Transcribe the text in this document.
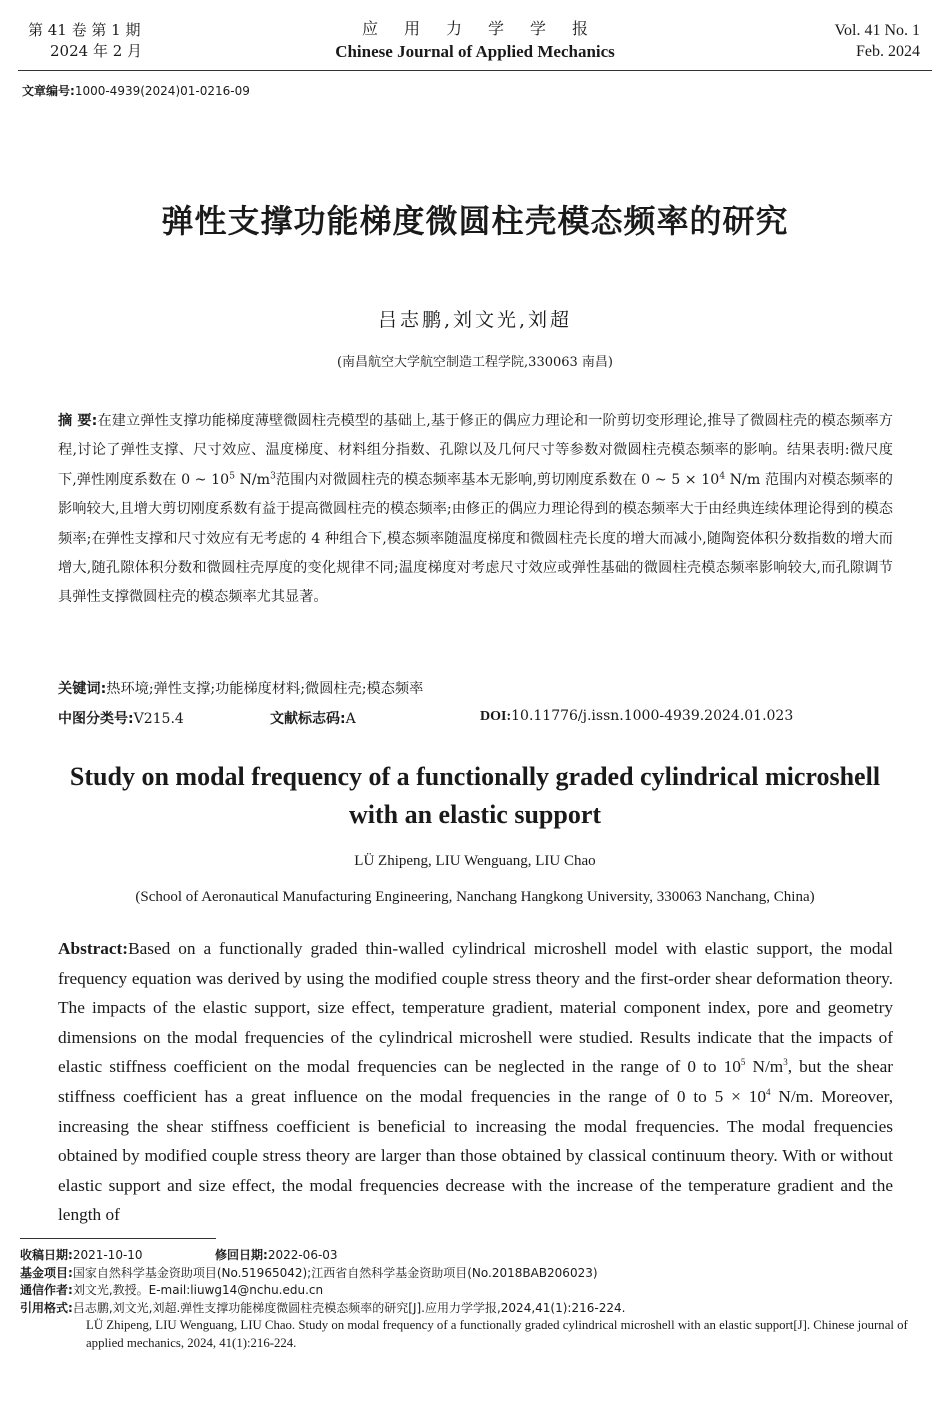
第 41 卷 第 1 期
2024 年 2 月
应用力学学报
Chinese Journal of Applied Mechanics
Vol. 41 No. 1
Feb. 2024
文章编号:1000-4939(2024)01-0216-09
弹性支撑功能梯度微圆柱壳模态频率的研究
吕志鹏,刘文光,刘超
(南昌航空大学航空制造工程学院,330063 南昌)
摘 要:在建立弹性支撑功能梯度薄壁微圆柱壳模型的基础上,基于修正的偶应力理论和一阶剪切变形理论,推导了微圆柱壳的模态频率方程,讨论了弹性支撑、尺寸效应、温度梯度、材料组分指数、孔隙以及几何尺寸等参数对微圆柱壳模态频率的影响。结果表明:微尺度下,弹性刚度系数在 0 ~ $10^5$ $N/m^3$范围内对微圆柱壳的模态频率基本无影响,剪切刚度系数在 0 ~ $5 \times 10^4$ N/m 范围内对模态频率的影响较大,且增大剪切刚度系数有益于提高微圆柱壳的模态频率;由修正的偶应力理论得到的模态频率大于由经典连续体理论得到的模态频率;在弹性支撑和尺寸效应有无考虑的 4 种组合下,模态频率随温度梯度和微圆柱壳长度的增大而减小,随陶瓷体积分数指数的增大而增大,随孔隙体积分数和微圆柱壳厚度的变化规律不同;温度梯度对考虑尺寸效应或弹性基础的微圆柱壳模态频率影响较大,而孔隙调节具弹性支撑微圆柱壳的模态频率尤其显著。
关键词:热环境;弹性支撑;功能梯度材料;微圆柱壳;模态频率
中图分类号:V215.4	文献标志码:A	DOI:10.11776/j.issn.1000-4939.2024.01.023
Study on modal frequency of a functionally graded cylindrical microshell with an elastic support
LÜ Zhipeng, LIU Wenguang, LIU Chao
(School of Aeronautical Manufacturing Engineering, Nanchang Hangkong University, 330063 Nanchang, China)
Abstract:Based on a functionally graded thin-walled cylindrical microshell model with elastic support, the modal frequency equation was derived by using the modified couple stress theory and the first-order shear deformation theory. The impacts of the elastic support, size effect, temperature gradient, material component index, pore and geometry dimensions on the modal frequencies of the cylindrical microshell were studied. Results indicate that the impacts of elastic stiffness coefficient on the modal frequencies can be neglected in the range of 0 to $10^5$ $N/m^3$, but the shear stiffness coefficient has a great influence on the modal frequencies in the range of 0 to $5 \times 10^4$ N/m. Moreover, increasing the shear stiffness coefficient is beneficial to increasing the modal frequencies. The modal frequencies obtained by modified couple stress theory are larger than those obtained by classical continuum theory. With or without elastic support and size effect, the modal frequencies decrease with the increase of the temperature gradient and the length of
收稿日期:2021-10-10	修回日期:2022-06-03
基金项目:国家自然科学基金资助项目(No.51965042);江西省自然科学基金资助项目(No.2018BAB206023)
通信作者:刘文光,教授。E-mail:liuwg14@nchu.edu.cn
引用格式:吕志鹏,刘文光,刘超.弹性支撑功能梯度微圆柱壳模态频率的研究[J].应用力学学报,2024,41(1):216-224.
LÜ Zhipeng, LIU Wenguang, LIU Chao. Study on modal frequency of a functionally graded cylindrical microshell with an elastic support[J]. Chinese journal of applied mechanics, 2024, 41(1):216-224.
